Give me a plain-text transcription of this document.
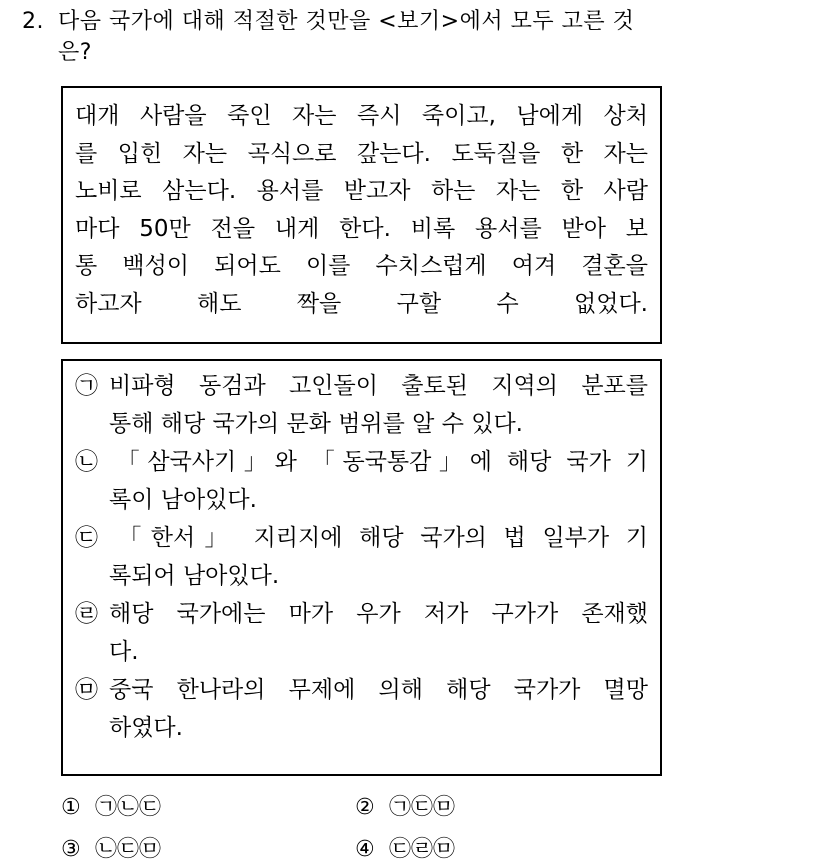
2. 다음 국가에 대해 적절한 것만을 <보기>에서 모두 고른 것
은?
대개 사람을 죽인 자는 즉시 죽이고, 남에게 상처
를 입힌 자는 곡식으로 갚는다. 도둑질을 한 자는
노비로 삼는다. 용서를 받고자 하는 자는 한 사람
마다 50만 전을 내게 한다. 비록 용서를 받아 보
통 백성이 되어도 이를 수치스럽게 여겨 결혼을
하고자 해도 짝을 구할 수 없었다.
㉠ 비파형 동검과 고인돌이 출토된 지역의 분포를
통해 해당 국가의 문화 범위를 알 수 있다.
㉡ 「삼국사기」와 「동국통감」에 해당 국가 기
록이 남아있다.
㉢ 「한서」 지리지에 해당 국가의 법 일부가 기
록되어 남아있다.
㉣ 해당 국가에는 마가 우가 저가 구가가 존재했
다.
㉤ 중국 한나라의 무제에 의해 해당 국가가 멸망
하였다.
① ㉠㉡㉢	② ㉠㉢㉤
③ ㉡㉢㉤	④ ㉢㉣㉤
